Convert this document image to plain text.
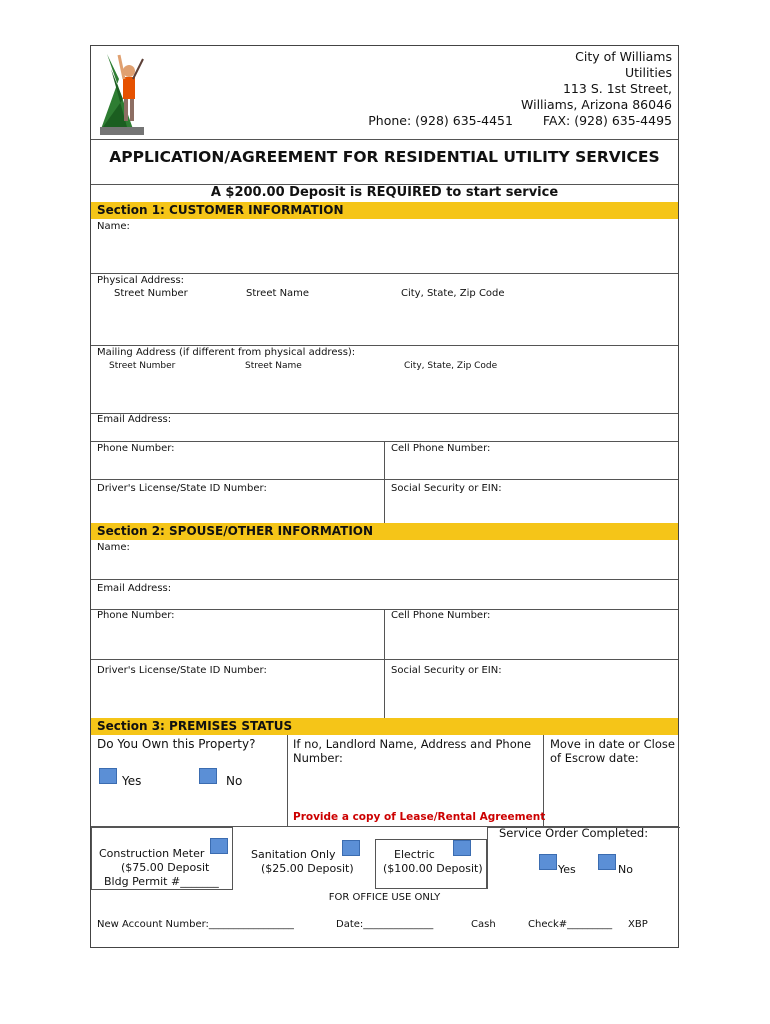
City of Williams
Utilities
113 S. 1st Street,
Williams, Arizona 86046
Phone: (928) 635-4451 FAX: (928) 635-4495
APPLICATION/AGREEMENT FOR RESIDENTIAL UTILITY SERVICES
A $200.00 Deposit is REQUIRED to start service
Section 1: CUSTOMER INFORMATION
Name:
Physical Address:
Street Number	Street Name	City, State, Zip Code
Mailing Address (if different from physical address):
Street Number	Street Name	City, State, Zip Code
Email Address:
Phone Number:	Cell Phone Number:
Driver's License/State ID Number:	Social Security or EIN:
Section 2: SPOUSE/OTHER INFORMATION
Name:
Email Address:
Phone Number:	Cell Phone Number:
Driver's License/State ID Number:	Social Security or EIN:
Section 3: PREMISES STATUS
Do You Own this Property?
Yes	No
If no, Landlord Name, Address and Phone Number:
Provide a copy of Lease/Rental Agreement
Move in date or Close of Escrow date:
Construction Meter
($75.00 Deposit
Bldg Permit #_______
Sanitation Only
($25.00 Deposit)
Electric
($100.00 Deposit)
Service Order Completed:
Yes	No
FOR OFFICE USE ONLY
New Account Number:_________________	Date:______________	Cash	Check#_________ XBP
